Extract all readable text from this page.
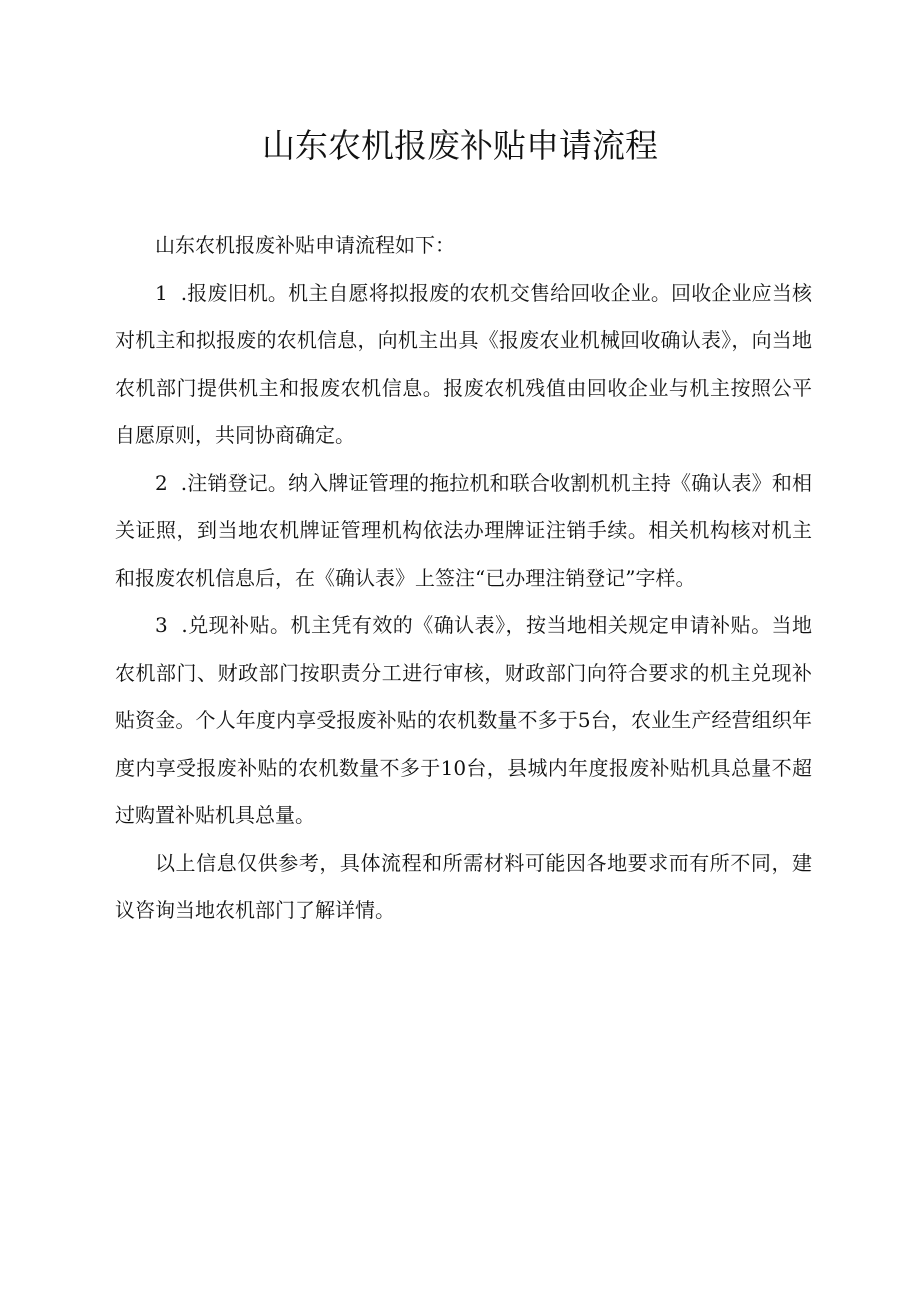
山东农机报废补贴申请流程

山东农机报废补贴申请流程如下：

1 .报废旧机。机主自愿将拟报废的农机交售给回收企业。回收企业应当核对机主和拟报废的农机信息，向机主出具《报废农业机械回收确认表》，向当地农机部门提供机主和报废农机信息。报废农机残值由回收企业与机主按照公平自愿原则，共同协商确定。

2 .注销登记。纳入牌证管理的拖拉机和联合收割机机主持《确认表》和相关证照，到当地农机牌证管理机构依法办理牌证注销手续。相关机构核对机主和报废农机信息后，在《确认表》上签注“已办理注销登记”字样。

3 .兑现补贴。机主凭有效的《确认表》，按当地相关规定申请补贴。当地农机部门、财政部门按职责分工进行审核，财政部门向符合要求的机主兑现补贴资金。个人年度内享受报废补贴的农机数量不多于5台，农业生产经营组织年度内享受报废补贴的农机数量不多于10台，县城内年度报废补贴机具总量不超过购置补贴机具总量。

以上信息仅供参考，具体流程和所需材料可能因各地要求而有所不同，建议咨询当地农机部门了解详情。
